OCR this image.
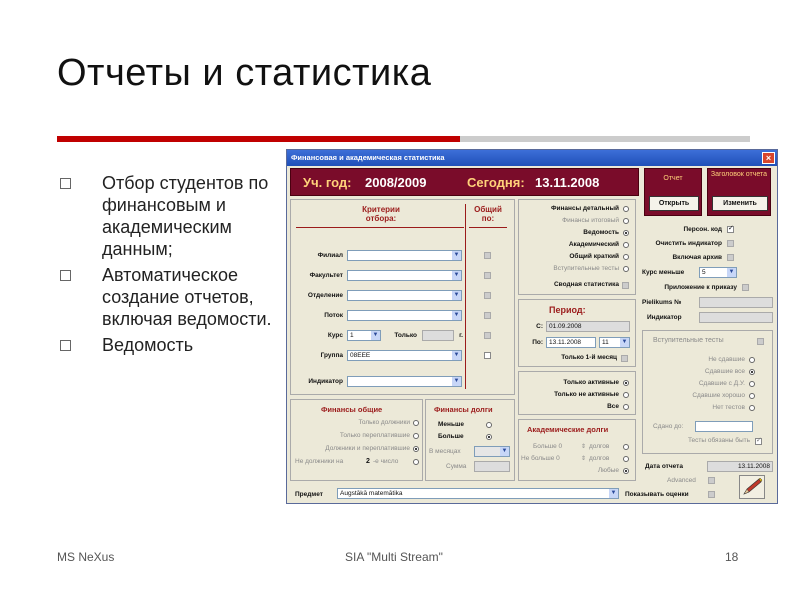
Отчеты и статистика
Отбор студентов по финансовым и академическим данным;
Автоматическое создание отчетов, включая ведомости.
Ведомость
MS NeXus	SIA "Multi Stream"	18
Финансовая и академическая статистика	×
Уч. год: 2008/2009	Сегодня: 13.11.2008	Отчет
Открыть
Заголовок отчета
Изменить
Критерии отбора:
Общий по:
Филиал	▼
Факультет	▼
Отделение	▼
Поток	▼
Курс	1	▼	Только	г.
Группа	08EEE	▼
Индикатор	▼
Финансы детальный
Финансы итоговый
Ведомость
Академический
Общий краткий
Вступительные тесты
Сводная статистика
Период:
С: 01.09.2008
По: 13.11.2008	11 ▼
Только 1-й месяц
Только активные
Только не активные
Все
Финансы общие
Только должники
Только переплатившие
Должники и переплатившие
Не должники на	2 -е число
Финансы долги
Меньше
Больше
В месяцах	▼
Сумма
Академические долги
Больше 0	⇕ долгов
Не больше 0	⇕ долгов
Любые
Персон. код ✓
Очистить индикатор
Включая архив
Курс меньше	5	▼
Приложение к приказу
Pielikums №
Индикатор
Вступительные тесты
Не сдавшие
Сдавшие все
Сдавшие с Д.У.
Сдавшие хорошо
Нет тестов
Сдано до:
Тесты обязаны быть ✓
Дата отчета	13.11.2008
Advanced
Предмет	Augstākā matemātika	▼ Показывать оценки
